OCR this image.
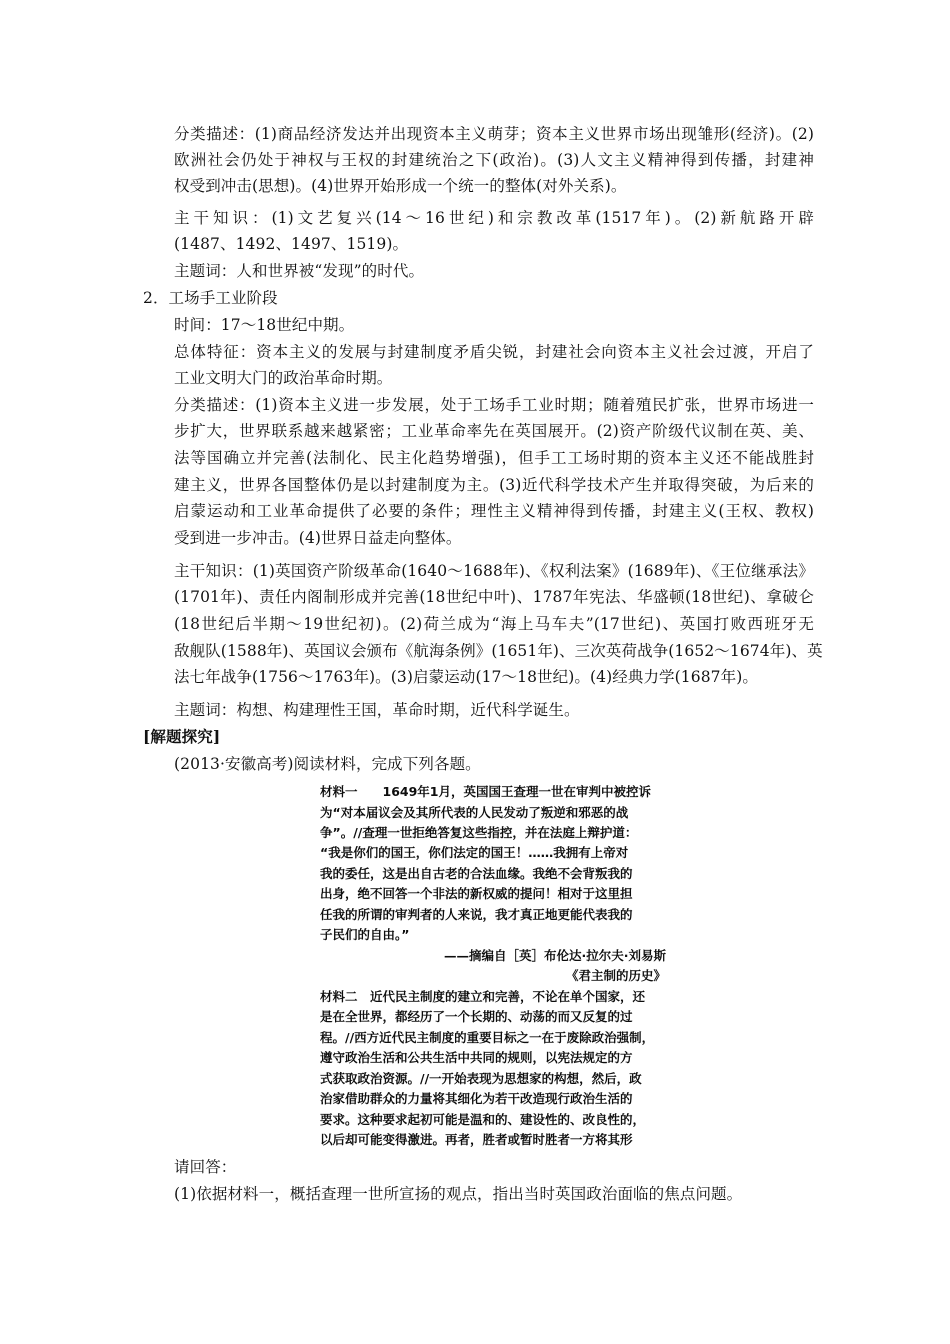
分类描述：(1)商品经济发达并出现资本主义萌芽；资本主义世界市场出现雏形(经济)。(2)
欧洲社会仍处于神权与王权的封建统治之下(政治)。(3)人文主义精神得到传播，封建神
权受到冲击(思想)。(4)世界开始形成一个统一的整体(对外关系)。
主干知识：(1)文艺复兴(14～16世纪)和宗教改革(1517年)。(2)新航路开辟
(1487、1492、1497、1519)。
主题词：人和世界被“发现”的时代。
2．工场手工业阶段
时间：17～18世纪中期。
总体特征：资本主义的发展与封建制度矛盾尖锐，封建社会向资本主义社会过渡，开启了
工业文明大门的政治革命时期。
分类描述：(1)资本主义进一步发展，处于工场手工业时期；随着殖民扩张，世界市场进一
步扩大，世界联系越来越紧密；工业革命率先在英国展开。(2)资产阶级代议制在英、美、
法等国确立并完善(法制化、民主化趋势增强)，但手工工场时期的资本主义还不能战胜封
建主义，世界各国整体仍是以封建制度为主。(3)近代科学技术产生并取得突破，为后来的
启蒙运动和工业革命提供了必要的条件；理性主义精神得到传播，封建主义(王权、教权)
受到进一步冲击。(4)世界日益走向整体。
主干知识：(1)英国资产阶级革命(1640～1688年)、《权利法案》(1689年)、《王位继承法》
(1701年)、责任内阁制形成并完善(18世纪中叶)、1787年宪法、华盛顿(18世纪)、拿破仑
(18世纪后半期～19世纪初)。(2)荷兰成为“海上马车夫”(17世纪)、英国打败西班牙无
敌舰队(1588年)、英国议会颁布《航海条例》(1651年)、三次英荷战争(1652～1674年)、英
法七年战争(1756～1763年)。(3)启蒙运动(17～18世纪)。(4)经典力学(1687年)。
主题词：构想、构建理性王国，革命时期，近代科学诞生。
[解题探究]
(2013·安徽高考)阅读材料，完成下列各题。
材料一　　1649年1月，英国国王查理一世在审判中被控诉
为“对本届议会及其所代表的人民发动了叛逆和邪恶的战
争”。//查理一世拒绝答复这些指控，并在法庭上辩护道：
“我是你们的国王，你们法定的国王！……我拥有上帝对
我的委任，这是出自古老的合法血缘。我绝不会背叛我的
出身，绝不回答一个非法的新权威的提问！相对于这里担
任我的所谓的审判者的人来说，我才真正地更能代表我的
子民们的自由。”
——摘编自［英］布伦达·拉尔夫·刘易斯
《君主制的历史》
材料二　近代民主制度的建立和完善，不论在单个国家，还
是在全世界，都经历了一个长期的、动荡的而又反复的过
程。//西方近代民主制度的重要目标之一在于废除政治强制，
遵守政治生活和公共生活中共同的规则，以宪法规定的方
式获取政治资源。//一开始表现为思想家的构想，然后，政
治家借助群众的力量将其细化为若干改造现行政治生活的
要求。这种要求起初可能是温和的、建设性的、改良性的，
以后却可能变得激进。再者，胜者或暂时胜者一方将其形
请回答：
(1)依据材料一，概括查理一世所宣扬的观点，指出当时英国政治面临的焦点问题。
